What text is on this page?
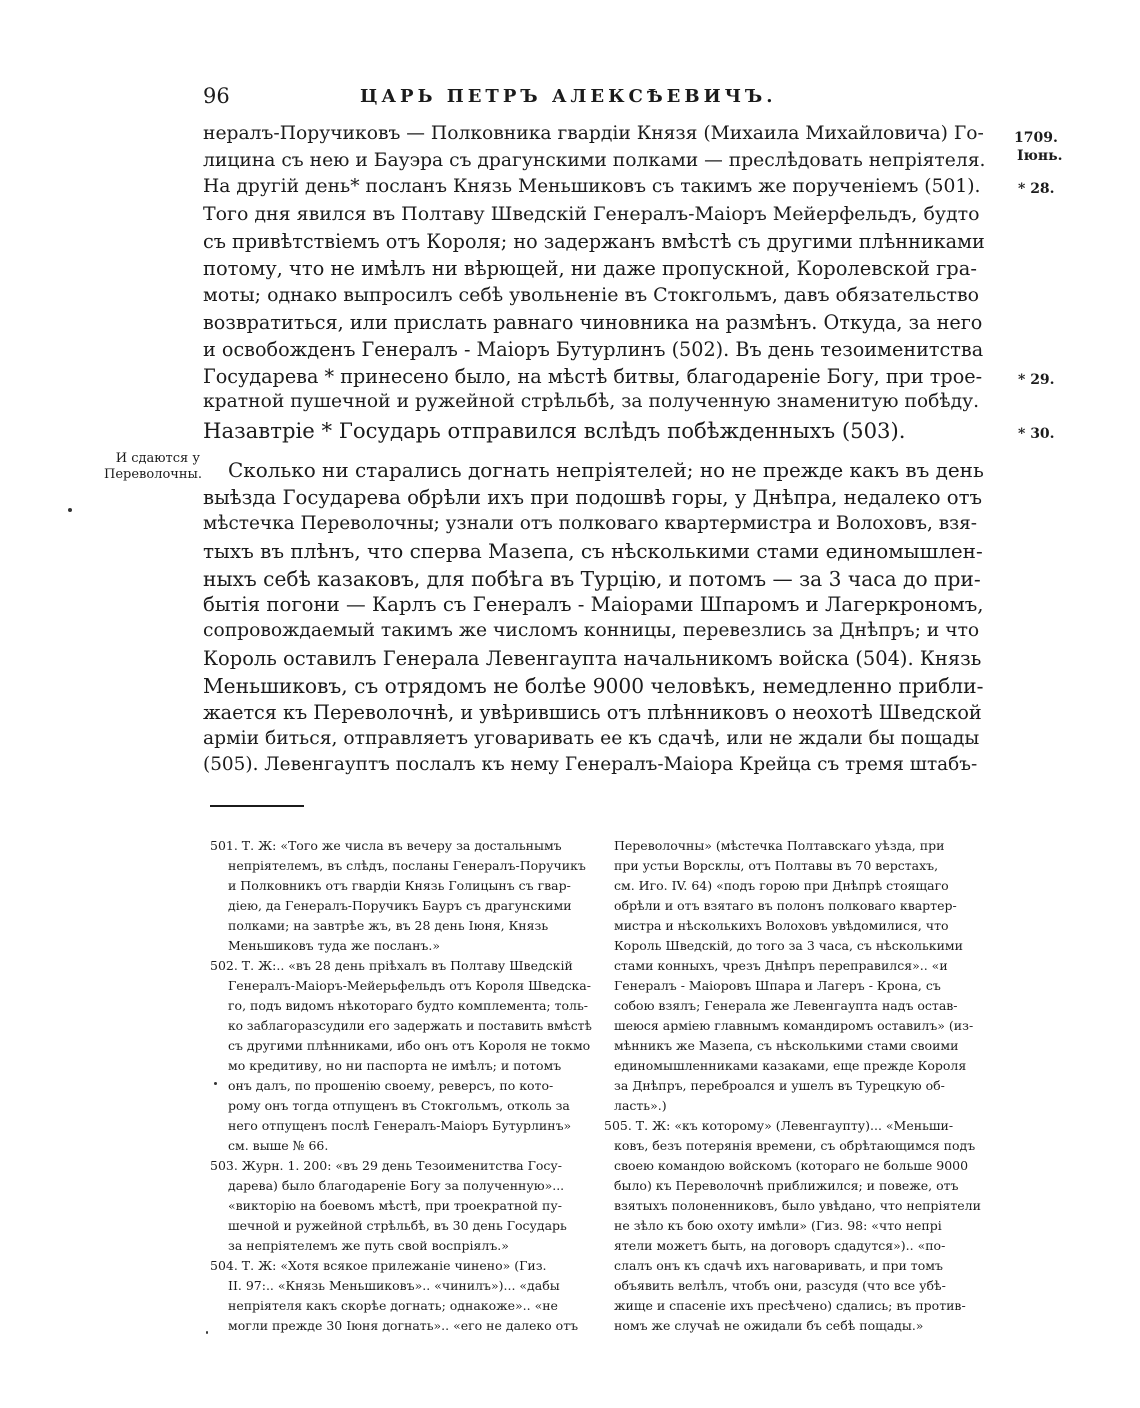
96	ЦАРЬ ПЕТРЪ АЛЕКСѢЕВИЧЪ.
1709.
Іюнь.
* 28.
* 29.
* 30.
И сдаются у
Переволочны.
нералъ-Поручиковъ — Полковника гвардіи Князя (Михаила Михайловича) Го-
лицина съ нею и Бауэра съ драгунскими полками — преслѣдовать непріятеля.
На другій день* посланъ Князь Меньшиковъ съ такимъ же порученіемъ (501).
Того дня явился въ Полтаву Шведскій Генералъ-Маіоръ Мейерфельдъ, будто
съ привѣтствіемъ отъ Короля; но задержанъ вмѣстѣ съ другими плѣнниками
потому, что не имѣлъ ни вѣрющей, ни даже пропускной, Королевской гра-
моты; однако выпросилъ себѣ увольненіе въ Стокгольмъ, давъ обязательство
возвратиться, или прислать равнаго чиновника на размѣнъ. Откуда, за него
и освобожденъ Генералъ - Маіоръ Бутурлинъ (502). Въ день тезоименитства
Государева * принесено было, на мѣстѣ битвы, благодареніе Богу, при трое-
кратной пушечной и ружейной стрѣльбѣ, за полученную знаменитую побѣду.
Назавтріе * Государь отправился вслѣдъ побѣжденныхъ (503).
Сколько ни старались догнать непріятелей; но не прежде какъ въ день
выѣзда Государева обрѣли ихъ при подошвѣ горы, у Днѣпра, недалеко отъ
мѣстечка Переволочны; узнали отъ полковаго квартермистра и Волоховъ, взя-
тыхъ въ плѣнъ, что сперва Мазепа, съ нѣсколькими стами единомышлен-
ныхъ себѣ казаковъ, для побѣга въ Турцію, и потомъ — за 3 часа до при-
бытія погони — Карлъ съ Генералъ - Маіорами Шпаромъ и Лагеркрономъ,
сопровождаемый такимъ же числомъ конницы, перевезлись за Днѣпръ; и что
Король оставилъ Генерала Левенгаупта начальникомъ войска (504). Князь
Меньшиковъ, съ отрядомъ не болѣе 9000 человѣкъ, немедленно прибли-
жается къ Переволочнѣ, и увѣрившись отъ плѣнниковъ о неохотѣ Шведской
арміи биться, отправляетъ уговаривать ее къ сдачѣ, или не ждали бы пощады
(505). Левенгауптъ послалъ къ нему Генералъ-Маіора Крейца съ тремя штабъ-
501. Т. Ж: «Того же числа въ вечеру за достальнымъ
непріятелемъ, въ слѣдъ, посланы Генералъ-Поручикъ
и Полковникъ отъ гвардіи Князь Голицынъ съ гвар-
діею, да Генералъ-Поручикъ Бауръ съ драгунскими
полками; на завтрѣе жъ, въ 28 день Іюня, Князь
Меньшиковъ туда же посланъ.»
502. Т. Ж:.. «въ 28 день пріѣхалъ въ Полтаву Шведскій
Генералъ-Маіоръ-Мейерьфельдъ отъ Короля Шведска-
го, подъ видомъ нѣкотораго будто комплемента; толь-
ко заблагоразсудили его задержать и поставить вмѣстѣ
съ другими плѣнниками, ибо онъ отъ Короля не токмо
мо кредитиву, но ни паспорта не имѣлъ; и потомъ
онъ далъ, по прошенію своему, реверсъ, по кото-
рому онъ тогда отпущенъ въ Стокгольмъ, отколь за
него отпущенъ послѣ Генералъ-Маіоръ Бутурлинъ»
см. выше № 66.
503. Журн. 1. 200: «въ 29 день Тезоименитства Госу-
дарева) было благодареніе Богу за полученную»...
«викторію на боевомъ мѣстѣ, при троекратной пу-
шечной и ружейной стрѣльбѣ, въ 30 день Государь
за непріятелемъ же путь свой воспріялъ.»
504. Т. Ж: «Хотя всякое прилежаніе чинено» (Гиз.
II. 97:.. «Князь Меньшиковъ».. «чинилъ»)... «дабы
непріятеля какъ скорѣе догнать; однакоже».. «не
могли прежде 30 Іюня догнать».. «его не далеко отъ
Переволочны» (мѣстечка Полтавскаго уѣзда, при
при устьи Ворсклы, отъ Полтавы въ 70 верстахъ,
см. Иго. IV. 64) «подъ горою при Днѣпрѣ стоящаго
обрѣли и отъ взятаго въ полонъ полковаго квартер-
мистра и нѣсколькихъ Волоховъ увѣдомилися, что
Король Шведскій, до того за 3 часа, съ нѣсколькими
стами конныхъ, чрезъ Днѣпръ переправился».. «и
Генералъ - Маіоровъ Шпара и Лагеръ - Крона, съ
собою взялъ; Генерала же Левенгаупта надъ остав-
шеюся арміею главнымъ командиромъ оставилъ» (из-
мѣнникъ же Мазепа, съ нѣсколькими стами своими
единомышленниками казаками, еще прежде Короля
за Днѣпръ, переброался и ушелъ въ Турецкую об-
ласть».)
505. Т. Ж: «къ которому» (Левенгаупту)... «Меньши-
ковъ, безъ потерянія времени, съ обрѣтающимся подъ
своею командою войскомъ (котораго не больше 9000
было) къ Переволочнѣ приближился; и повеже, отъ
взятыхъ полоненниковъ, было увѣдано, что непріятели
не зѣло къ бою охоту имѣли» (Гиз. 98: «что непрі
ятели можетъ быть, на договоръ сдадутся»).. «по-
слалъ онъ къ сдачѣ ихъ наговаривать, и при томъ
объявить велѣлъ, чтобъ они, разсудя (что все убѣ-
жище и спасеніе ихъ пресѣчено) сдались; въ против-
номъ же случаѣ не ожидали бъ себѣ пощады.»
